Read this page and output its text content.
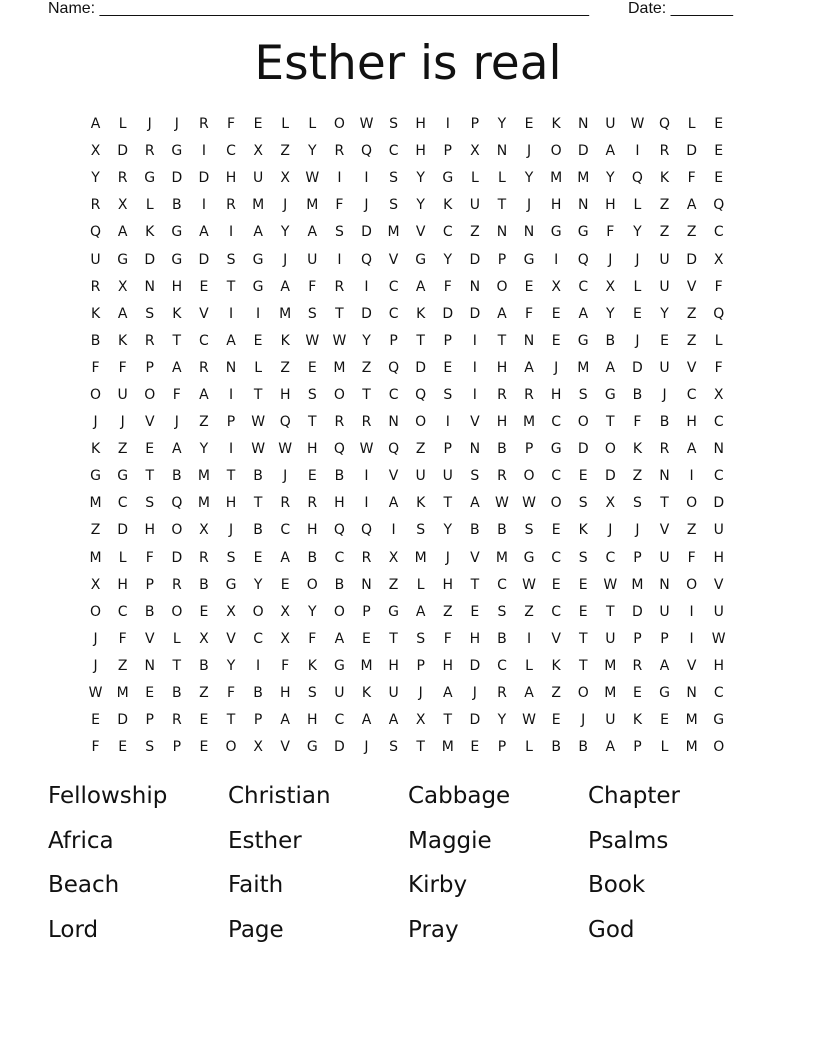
Name: _______________________________________________________ Date: _______
Esther is real
A	L	J	J	R	F	E	L	L	O	W	S	H	I	P	Y	E	K	N	U	W	Q	L	E
X	D	R	G	I	C	X	Z	Y	R	Q	C	H	P	X	N	J	O	D	A	I	R	D	E
Y	R	G	D	D	H	U	X	W	I	I	S	Y	G	L	L	Y	M	M	Y	Q	K	F	E
R	X	L	B	I	R	M	J	M	F	J	S	Y	K	U	T	J	H	N	H	L	Z	A	Q
Q	A	K	G	A	I	A	Y	A	S	D	M	V	C	Z	N	N	G	G	F	Y	Z	Z	C
U	G	D	G	D	S	G	J	U	I	Q	V	G	Y	D	P	G	I	Q	J	J	U	D	X
R	X	N	H	E	T	G	A	F	R	I	C	A	F	N	O	E	X	C	X	L	U	V	F
K	A	S	K	V	I	I	M	S	T	D	C	K	D	D	A	F	E	A	Y	E	Y	Z	Q
B	K	R	T	C	A	E	K	W W	Y	P	T	P	I	T	N	E	G	B	J	E	Z	L
F	F	P	A	R	N	L	Z	E	M	Z	Q	D	E	I	H	A	J	M	A	D	U	V	F
O	U	O	F	A	I	T	H	S	O	T	C	Q	S	I	R	R	H	S	G	B	J	C	X
J	J	V	J	Z	P	W	Q	T	R	R	N	O	I	V	H	M	C	O	T	F	B	H	C
K	Z	E	A	Y	I	W W	H	Q	W	Q	Z	P	N	B	P	G	D	O	K	R	A	N
G	G	T	B	M	T	B	J	E	B	I	V	U	U	S	R	O	C	E	D	Z	N	I	C
M	C	S	Q	M	H	T	R	R	H	I	A	K	T	A	W W	O	S	X	S	T	O	D
Z	D	H	O	X	J	B	C	H	Q	Q	I	S	Y	B	B	S	E	K	J	J	V	Z	U
M	L	F	D	R	S	E	A	B	C	R	X	M	J	V	M	G	C	S	C	P	U	F	H
X	H	P	R	B	G	Y	E	O	B	N	Z	L	H	T	C	W	E	E	W	M	N	O	V
O	C	B	O	E	X	O	X	Y	O	P	G	A	Z	E	S	Z	C	E	T	D	U	I	U
J	F	V	L	X	V	C	X	F	A	E	T	S	F	H	B	I	V	T	U	P	P	I	W
J	Z	N	T	B	Y	I	F	K	G	M	H	P	H	D	C	L	K	T	M	R	A	V	H
W	M	E	B	Z	F	B	H	S	U	K	U	J	A	J	R	A	Z	O	M	E	G	N	C
E	D	P	R	E	T	P	A	H	C	A	A	X	T	D	Y	W	E	J	U	K	E	M	G
F	E	S	P	E	O	X	V	G	D	J	S	T	M	E	P	L	B	B	A	P	L	M	O
Fellowship	Christian	Cabbage	Chapter
Africa	Esther	Maggie	Psalms
Beach	Faith	Kirby	Book
Lord	Page	Pray	God
